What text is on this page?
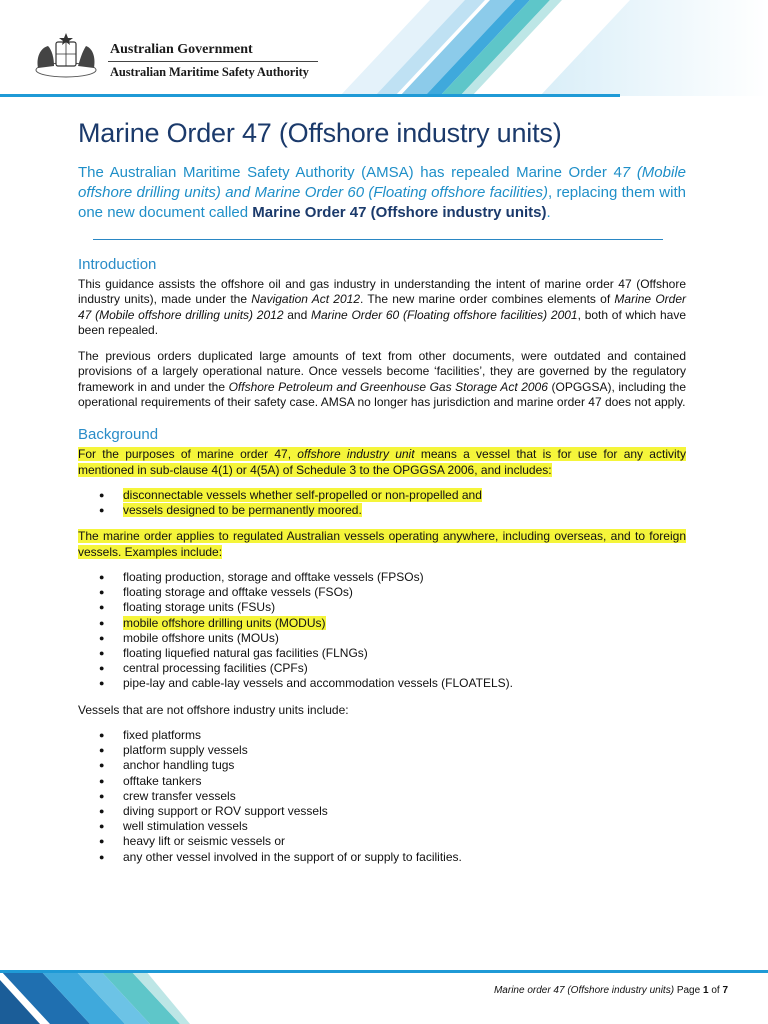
Australian Government
Australian Maritime Safety Authority
Marine Order 47 (Offshore industry units)

The Australian Maritime Safety Authority (AMSA) has repealed Marine Order 47 (Mobile offshore drilling units) and Marine Order 60 (Floating offshore facilities), replacing them with one new document called Marine Order 47 (Offshore industry units).

Introduction

This guidance assists the offshore oil and gas industry in understanding the intent of marine order 47 (Offshore industry units), made under the Navigation Act 2012. The new marine order combines elements of Marine Order 47 (Mobile offshore drilling units) 2012 and Marine Order 60 (Floating offshore facilities) 2001, both of which have been repealed.

The previous orders duplicated large amounts of text from other documents, were outdated and contained provisions of a largely operational nature. Once vessels become ‘facilities’, they are governed by the regulatory framework in and under the Offshore Petroleum and Greenhouse Gas Storage Act 2006 (OPGGSA), including the operational requirements of their safety case. AMSA no longer has jurisdiction and marine order 47 does not apply.

Background

For the purposes of marine order 47, offshore industry unit means a vessel that is for use for any activity mentioned in sub-clause 4(1) or 4(5A) of Schedule 3 to the OPGGSA 2006, and includes:

● disconnectable vessels whether self-propelled or non-propelled and
● vessels designed to be permanently moored.

The marine order applies to regulated Australian vessels operating anywhere, including overseas, and to foreign vessels. Examples include:

● floating production, storage and offtake vessels (FPSOs)
● floating storage and offtake vessels (FSOs)
● floating storage units (FSUs)
● mobile offshore drilling units (MODUs)
● mobile offshore units (MOUs)
● floating liquefied natural gas facilities (FLNGs)
● central processing facilities (CPFs)
● pipe-lay and cable-lay vessels and accommodation vessels (FLOATELS).

Vessels that are not offshore industry units include:

● fixed platforms
● platform supply vessels
● anchor handling tugs
● offtake tankers
● crew transfer vessels
● diving support or ROV support vessels
● well stimulation vessels
● heavy lift or seismic vessels or
● any other vessel involved in the support of or supply to facilities.
Marine order 47 (Offshore industry units) Page 1 of 7
